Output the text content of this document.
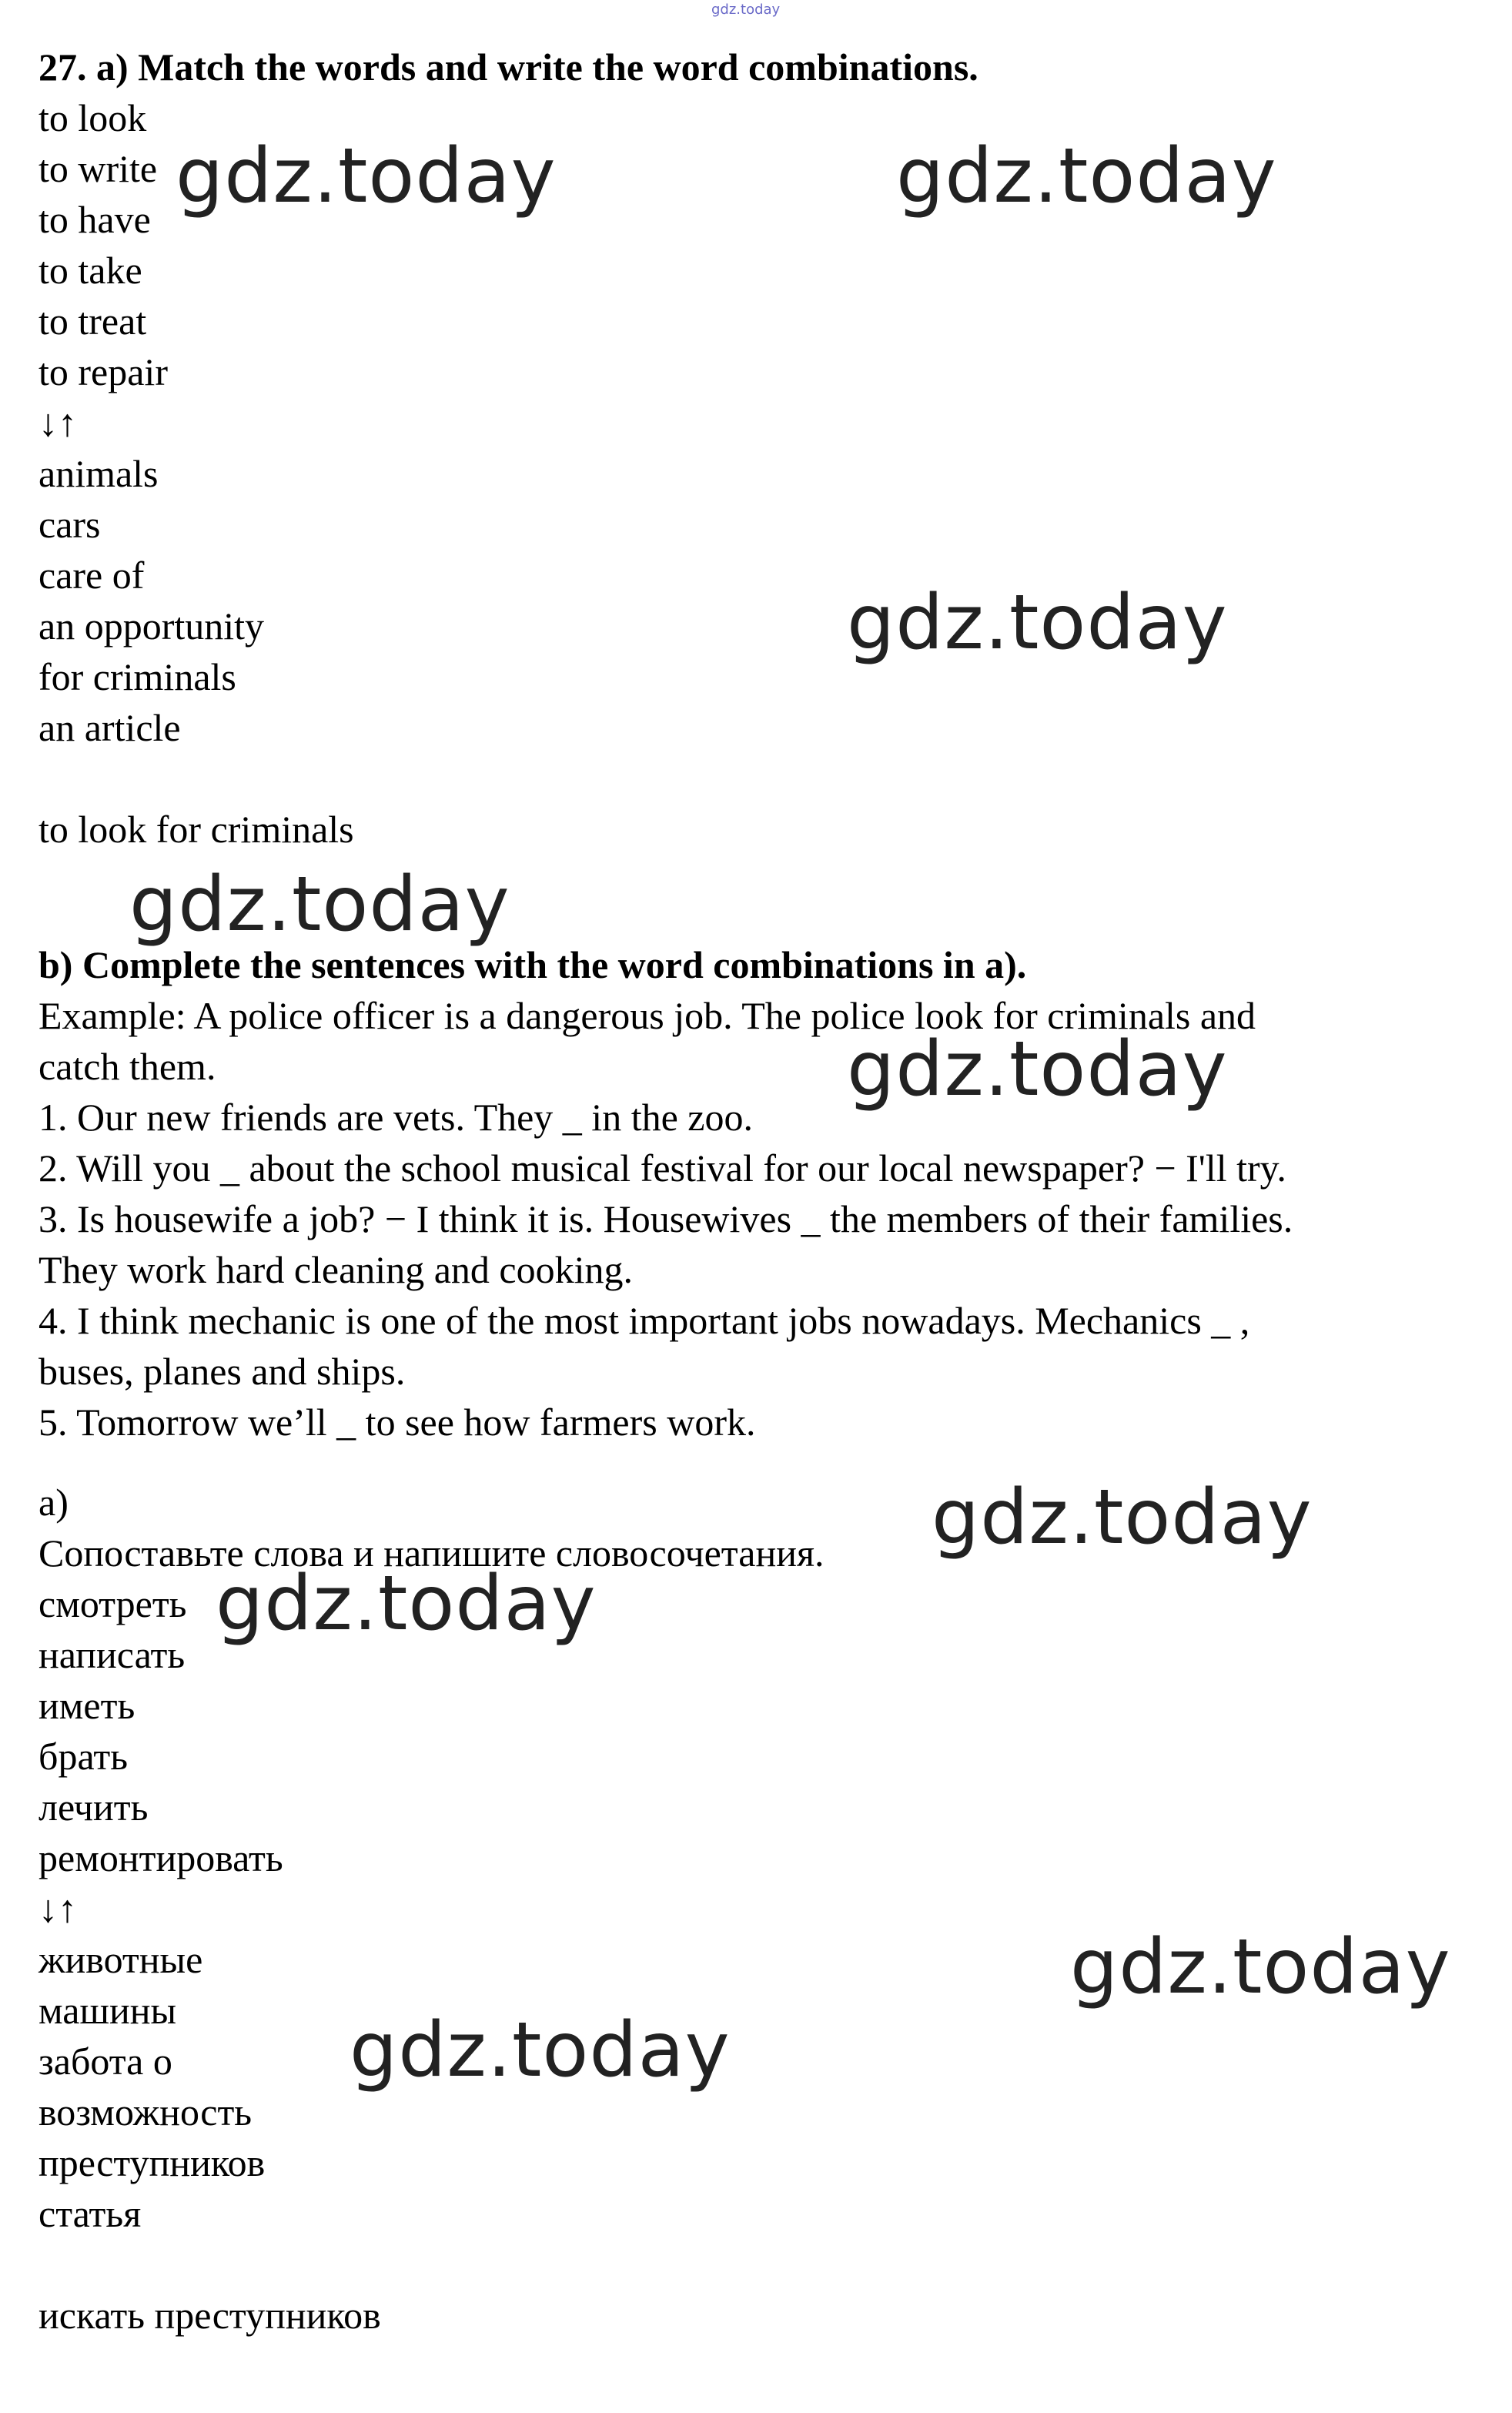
gdz.today

27. a) Match the words and write the word combinations.

to look

to write

to have

to take

to treat

to repair

↓↑

animals

cars

care of

an opportunity

for criminals

an article

to look for criminals

b) Complete the sentences with the word combinations in a).

Example: A police officer is a dangerous job. The police look for criminals and

catch them.

1. Our new friends are vets. They _ in the zoo.

2. Will you _ about the school musical festival for our local newspaper? − I'll try.

3. Is housewife a job? − I think it is. Housewives _ the members of their families.

They work hard cleaning and cooking.

4. I think mechanic is one of the most important jobs nowadays. Mechanics _ ,

buses, planes and ships.

5. Tomorrow we’ll _ to see how farmers work.

a)

Сопоставьте слова и напишите словосочетания.

смотреть

написать

иметь

брать

лечить

ремонтировать

↓↑

животные

машины

забота о

возможность

преступников

статья

искать преступников

gdz.today	gdz.today
gdz.today
gdz.today
gdz.today
gdz.today
gdz.today
gdz.today
gdz.today
